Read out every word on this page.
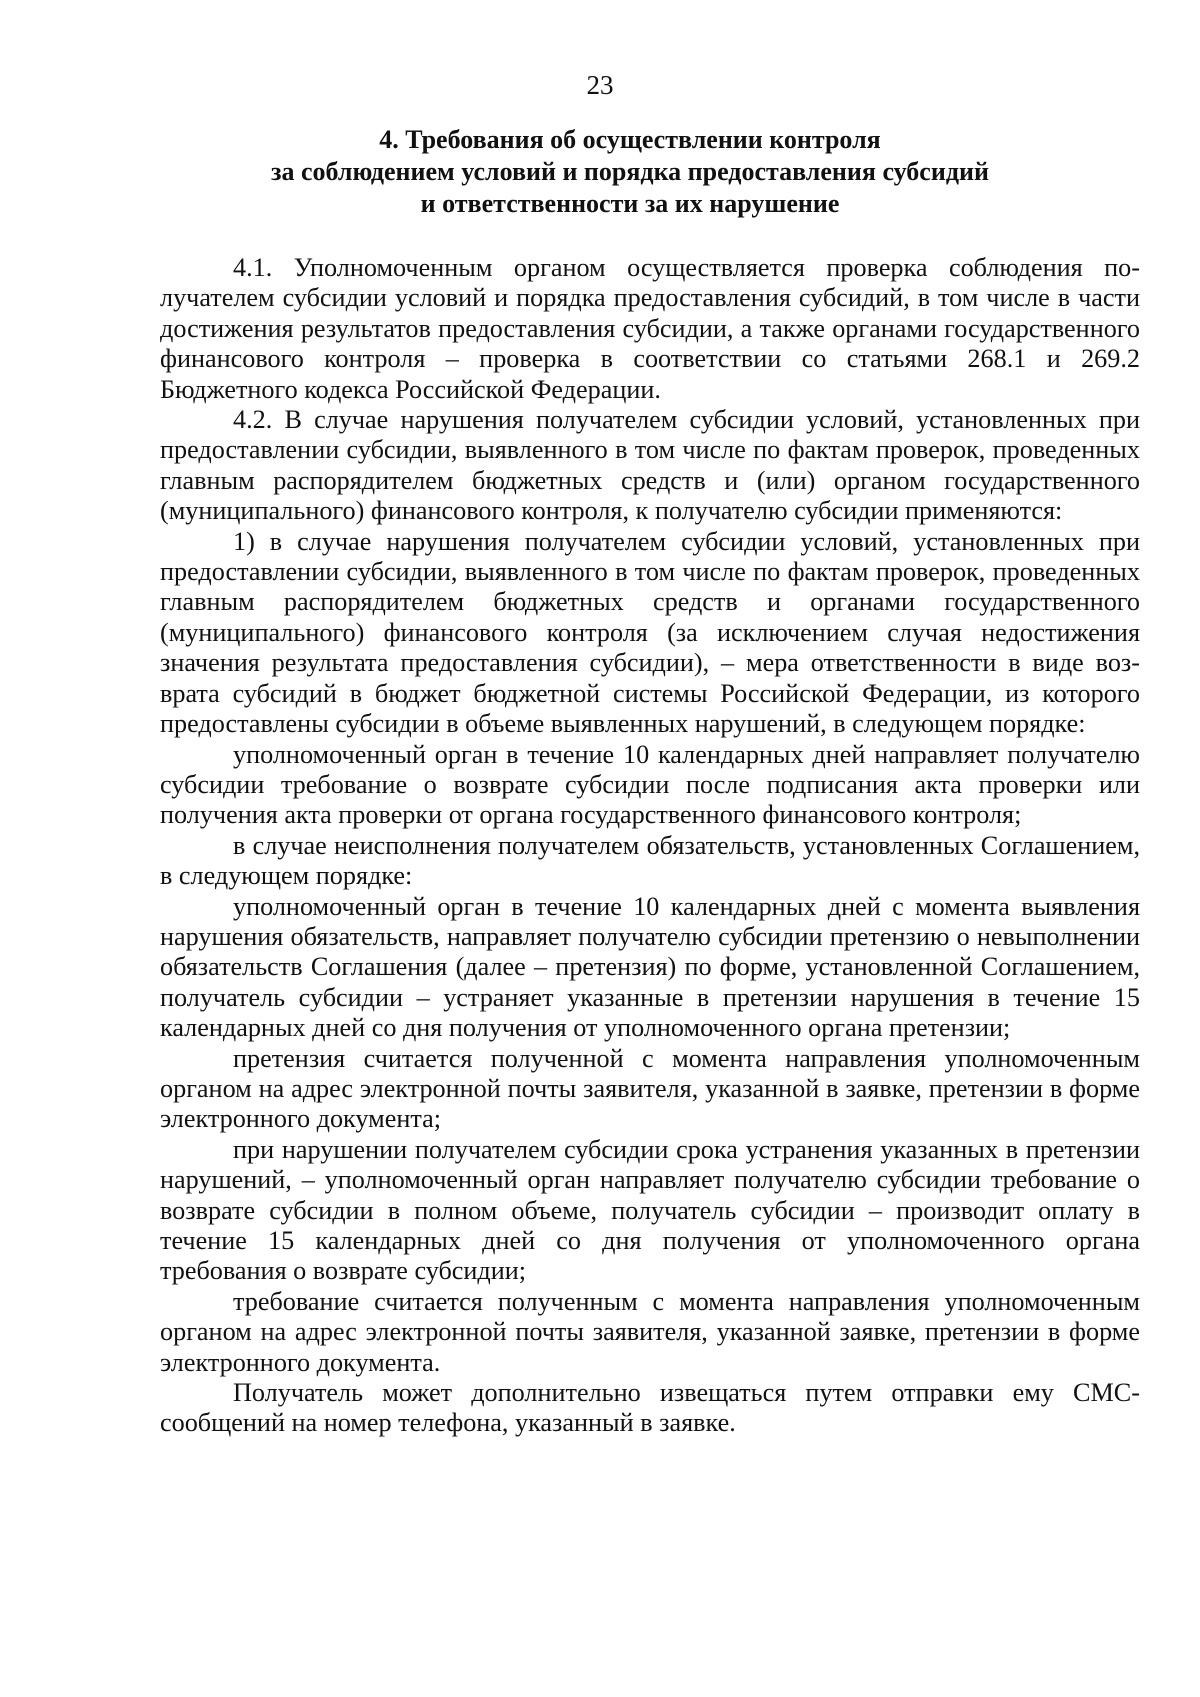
23
4. Требования об осуществлении контроля
за соблюдением условий и порядка предоставления субсидий
и ответственности за их нарушение

4.1. Уполномоченным органом осуществляется проверка соблюдения получателем субсидии условий и порядка предоставления субсидий, в том числе в части достижения результатов предоставления субсидии, а также органами государственного финансового контроля – проверка в соответствии со статьями 268.1 и 269.2 Бюджетного кодекса Российской Федерации.

4.2. В случае нарушения получателем субсидии условий, установленных при предоставлении субсидии, выявленного в том числе по фактам проверок, проведенных главным распорядителем бюджетных средств и (или) органом государственного (муниципального) финансового контроля, к получателю субсидии применяются:

1) в случае нарушения получателем субсидии условий, установленных при предоставлении субсидии, выявленного в том числе по фактам проверок, проведенных главным распорядителем бюджетных средств и органами государственного (муниципального) финансового контроля (за исключением случая недостижения значения результата предоставления субсидии), – мера ответственности в виде возврата субсидий в бюджет бюджетной системы Российской Федерации, из которого предоставлены субсидии в объеме выявленных нарушений, в следующем порядке:

уполномоченный орган в течение 10 календарных дней направляет получателю субсидии требование о возврате субсидии после подписания акта проверки или получения акта проверки от органа государственного финансового контроля;

в случае неисполнения получателем обязательств, установленных Соглашением, в следующем порядке:

уполномоченный орган в течение 10 календарных дней с момента выявления нарушения обязательств, направляет получателю субсидии претензию о невыполнении обязательств Соглашения (далее – претензия) по форме, установленной Соглашением, получатель субсидии – устраняет указанные в претензии нарушения в течение 15 календарных дней со дня получения от уполномоченного органа претензии;

претензия считается полученной с момента направления уполномоченным органом на адрес электронной почты заявителя, указанной в заявке, претензии в форме электронного документа;

при нарушении получателем субсидии срока устранения указанных в претензии нарушений, – уполномоченный орган направляет получателю субсидии требование о возврате субсидии в полном объеме, получатель субсидии – производит оплату в течение 15 календарных дней со дня получения от уполномоченного органа требования о возврате субсидии;

требование считается полученным с момента направления уполномоченным органом на адрес электронной почты заявителя, указанной заявке, претензии в форме электронного документа.

Получатель может дополнительно извещаться путем отправки ему СМС-сообщений на номер телефона, указанный в заявке.
